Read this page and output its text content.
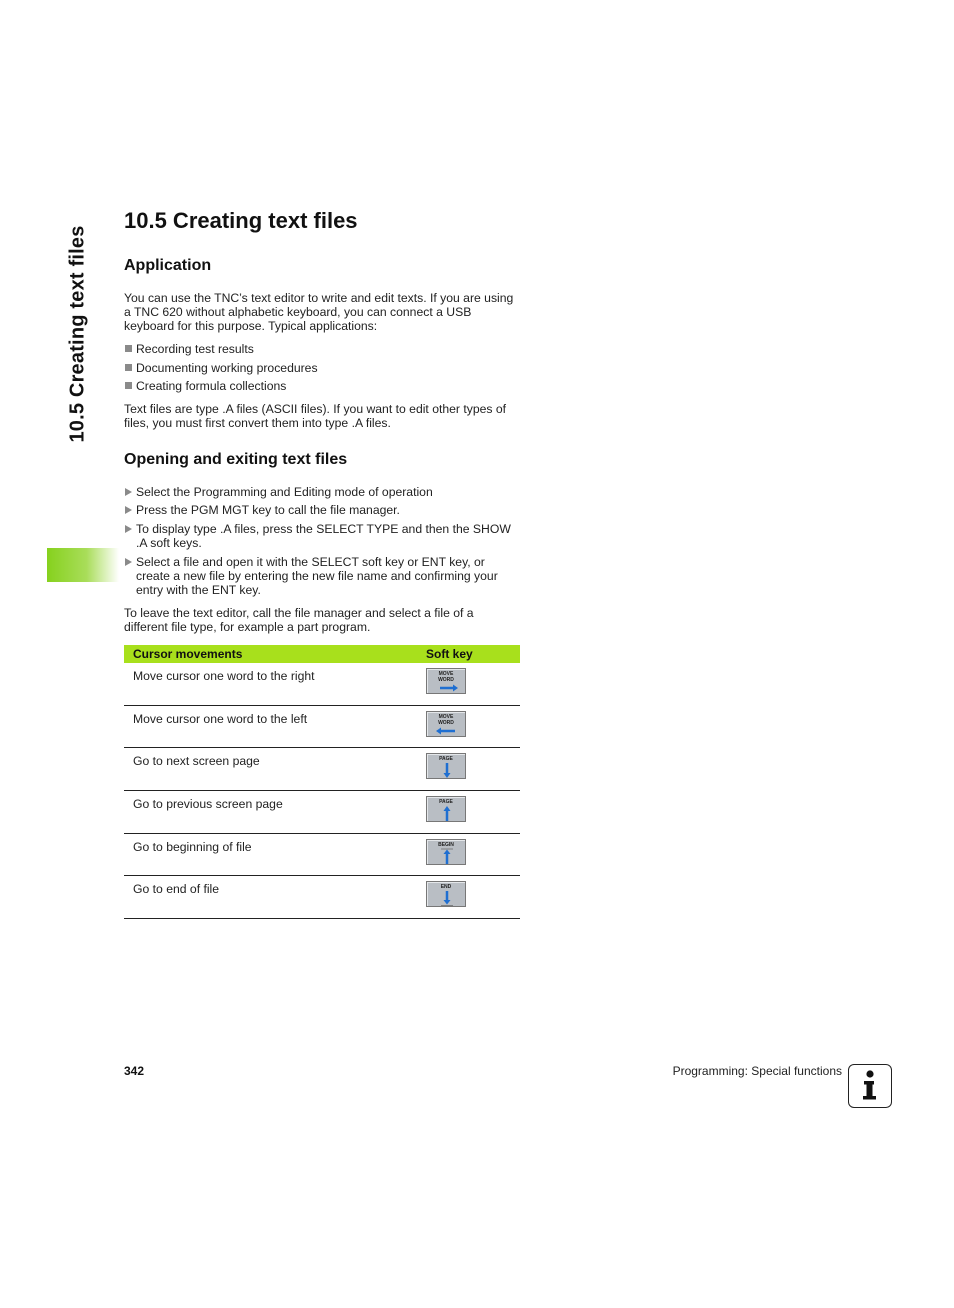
10.5 Creating text files
10.5 Creating text files
Application

You can use the TNC’s text editor to write and edit texts. If you are using a TNC 620 without alphabetic keyboard, you can connect a USB keyboard for this purpose. Typical applications:

Recording test results
Documenting working procedures
Creating formula collections

Text files are type .A files (ASCII files). If you want to edit other types of files, you must first convert them into type .A files.

Opening and exiting text files
Select the Programming and Editing mode of operation
Press the PGM MGT key to call the file manager.
To display type .A files, press the SELECT TYPE and then the SHOW .A soft keys.
Select a file and open it with the SELECT soft key or ENT key, or create a new file by entering the new file name and confirming your entry with the ENT key.

To leave the text editor, call the file manager and select a file of a different file type, for example a part program.

Cursor movements	Soft key
Move cursor one word to the right	MOVE
WORD

Move cursor one word to the left	MOVE
WORD

Go to next screen page	PAGE

Go to previous screen page	PAGE

Go to beginning of file	BEGIN

Go to end of file	END
342	Programming: Special functions
